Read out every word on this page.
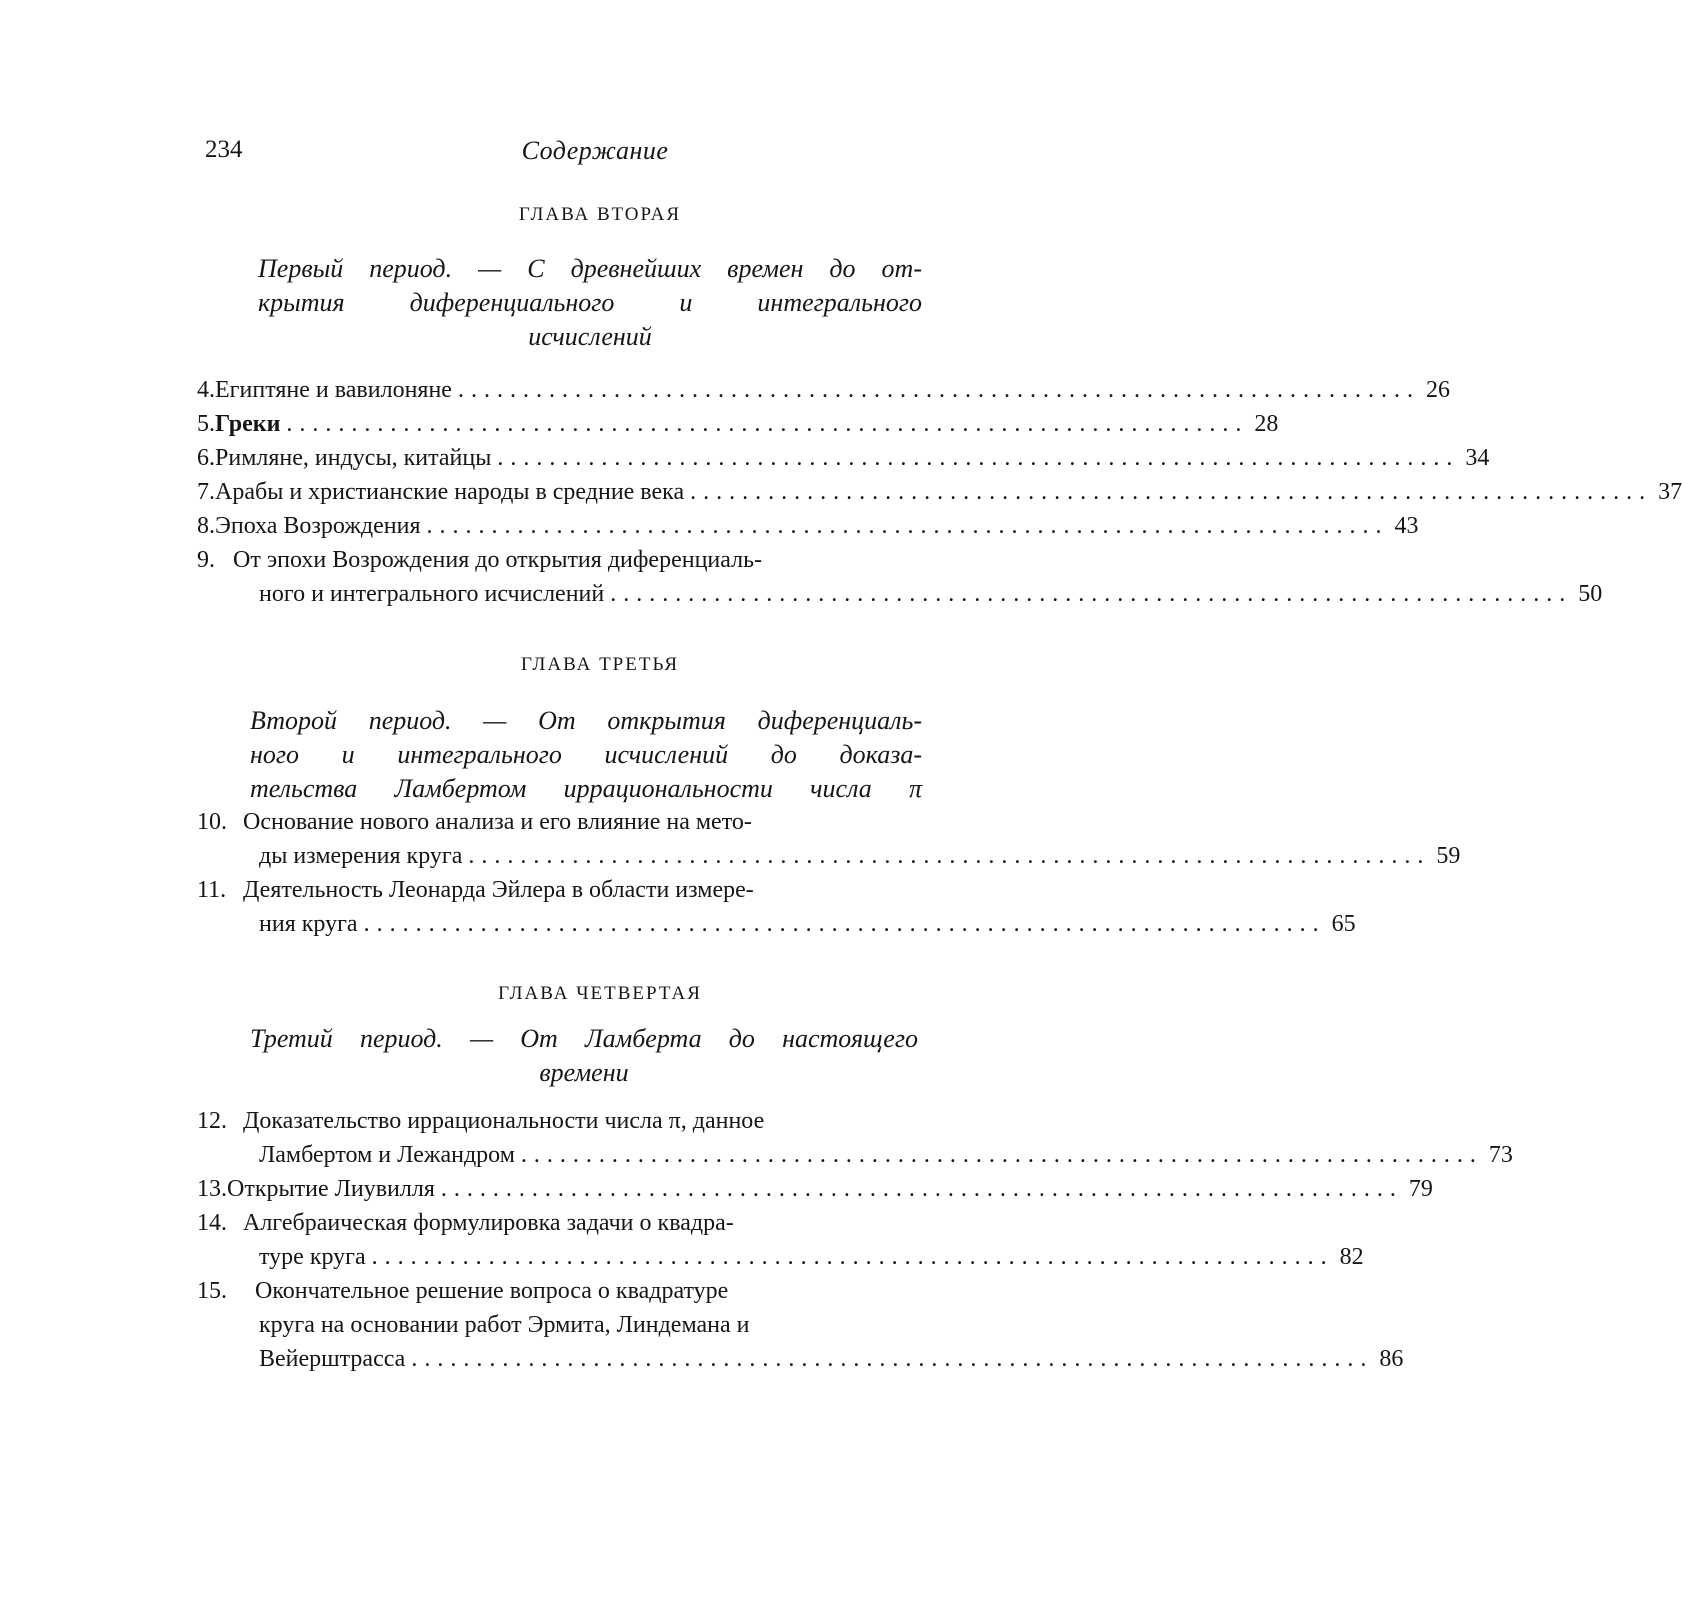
234	Содержание
ГЛАВА ВТОРАЯ
Первый период. — С древнейших времен до от-
крытия диференциального и интегрального
исчислений
4. Египтяне и вавилоняне .......................................................................... 26
5. Греки .......................................................................... 28
6. Римляне, индусы, китайцы .......................................................................... 34
7. Арабы и христианские народы в средние века .......................................................................... 37
8. Эпоха Возрождения .......................................................................... 43
9. От эпохи Возрождения до открытия диференциаль-
ного и интегрального исчислений .......................................................................... 50
ГЛАВА ТРЕТЬЯ
Второй период. — От открытия диференциаль-
ного и интегрального исчислений до доказа-
тельства Ламбертом иррациональности числа π
10. Основание нового анализа и его влияние на мето-
ды измерения круга .......................................................................... 59
11. Деятельность Леонарда Эйлера в области измере-
ния круга .......................................................................... 65
ГЛАВА ЧЕТВЕРТАЯ
Третий период. — От Ламберта до настоящего
времени
12. Доказательство иррациональности числа π, данное
Ламбертом и Лежандром .......................................................................... 73
13. Открытие Лиувилля .......................................................................... 79
14. Алгебраическая формулировка задачи о квадра-
туре круга .......................................................................... 82
15.	Окончательное решение вопроса о квадратуре
круга на основании работ Эрмита, Линдемана и
Вейерштрасса .......................................................................... 86
